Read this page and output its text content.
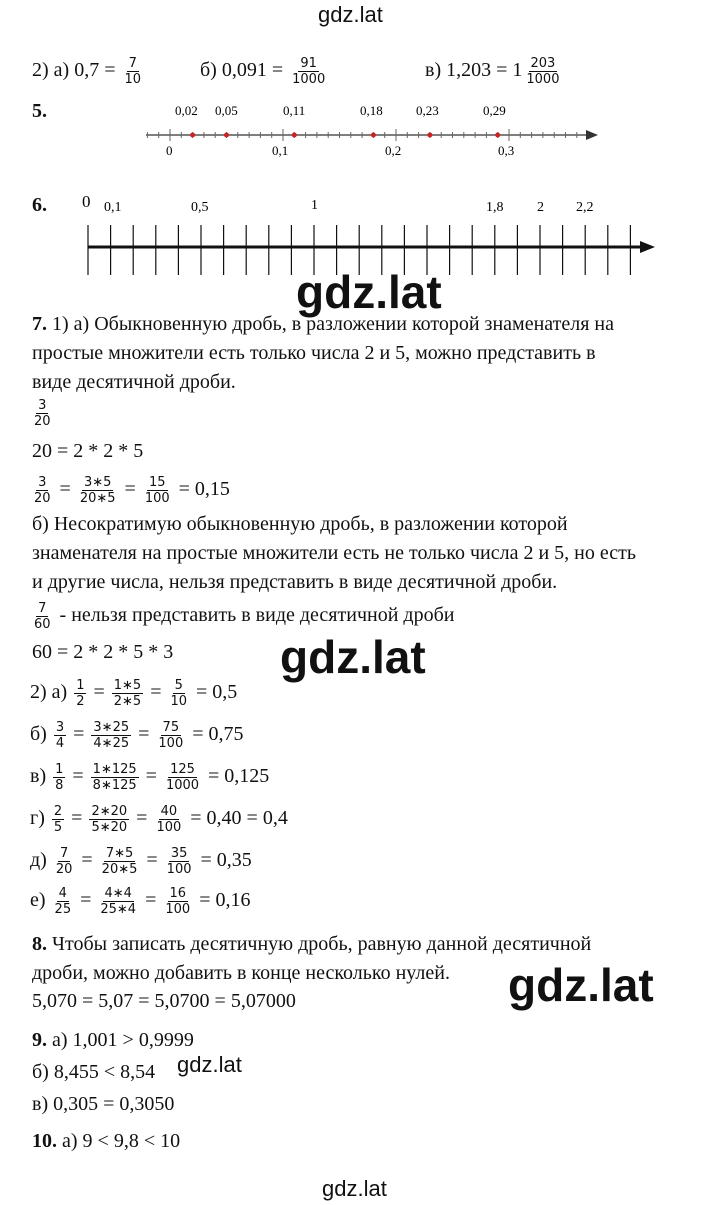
gdz.lat
2) а) $0,7 = \frac{7}{10}$	б) $0,091 = \frac{91}{1000}$	в) $1,203 = 1 \frac{203}{1000}$
5.	0,02 0,05	0,11	0,18	0,23	0,29
0	0,1	0,2	0,3
6. 0 0,1	0,5	1	1,8 2 2,2
gdz.lat
7. 1) а) Обыкновенную дробь, в разложении которой знаменателя на
простые множители есть только числа 2 и 5, можно представить в
виде десятичной дроби.
$\frac{3}{20}$
20 = 2 * 2 * 5
$\frac{3}{20} = \frac{3∗5}{20∗5} = \frac{15}{100} = 0,15$
б) Несократимую обыкновенную дробь, в разложении которой
знаменателя на простые множители есть не только числа 2 и 5, но есть
и другие числа, нельзя представить в виде десятичной дроби.
$\frac{7}{60}$ - нельзя представить в виде десятичной дроби
60 = 2 * 2 * 5 * 3 gdz.lat
2) $а) \frac{1}{2} = \frac{1∗5}{2∗5} = \frac{5}{10} = 0,5$
$б) \frac{3}{4} = \frac{3∗25}{4∗25} = \frac{75}{100} = 0,75$
$в) \frac{1}{8} = \frac{1∗125}{8∗125} = \frac{125}{1000} = 0,125$
$г) \frac{2}{5} = \frac{2∗20}{5∗20} = \frac{40}{100} = 0,40 = 0,4$
$д) \frac{7}{20} = \frac{7∗5}{20∗5} = \frac{35}{100} = 0,35$
$е) \frac{4}{25} = \frac{4∗4}{25∗4} = \frac{16}{100} = 0,16$
8. Чтобы записать десятичную дробь, равную данной десятичной
дроби, можно добавить в конце несколько нулей.
5,070 = 5,07 = 5,0700 = 5,07000	gdz.lat
9. а) 1,001 > 0,9999
б) 8,455 < 8,54 gdz.lat
в) 0,305 = 0,3050
10. а) 9 < 9,8 < 10
gdz.lat
